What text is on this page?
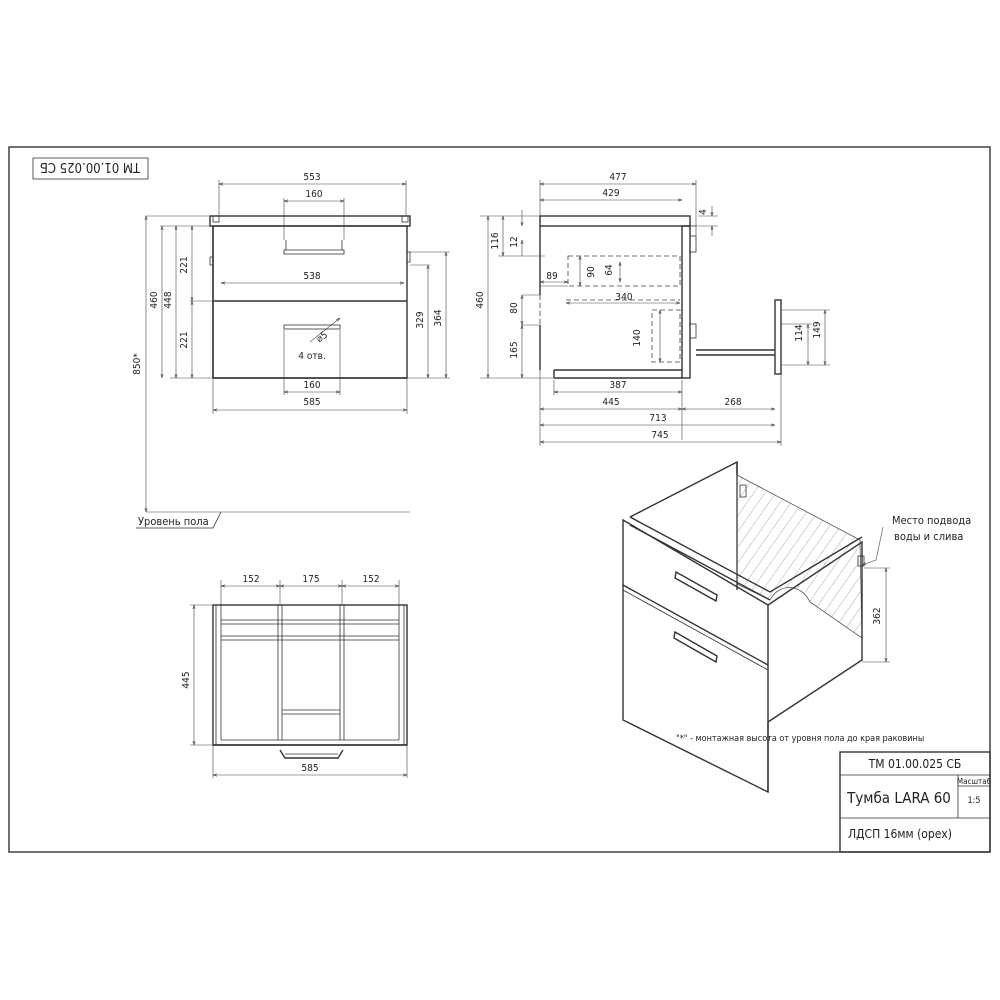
ТМ 01.00.025 СБ
553
160
538
⌀5
4 отв.
160
585
850*
460 448
221
221
329 364
Уровень пола
477
429
4
460
116 12
80
165
89	90 64
340
140	114 149
387
445	268
713
745
152	175	152
445
585
Место подвода
воды и слива
362
"*" - монтажная высота от уровня пола до края раковины
ТМ 01.00.025 СБ
Тумба LARA 60
Масштаб
1:5
ЛДСП 16мм (орех)
